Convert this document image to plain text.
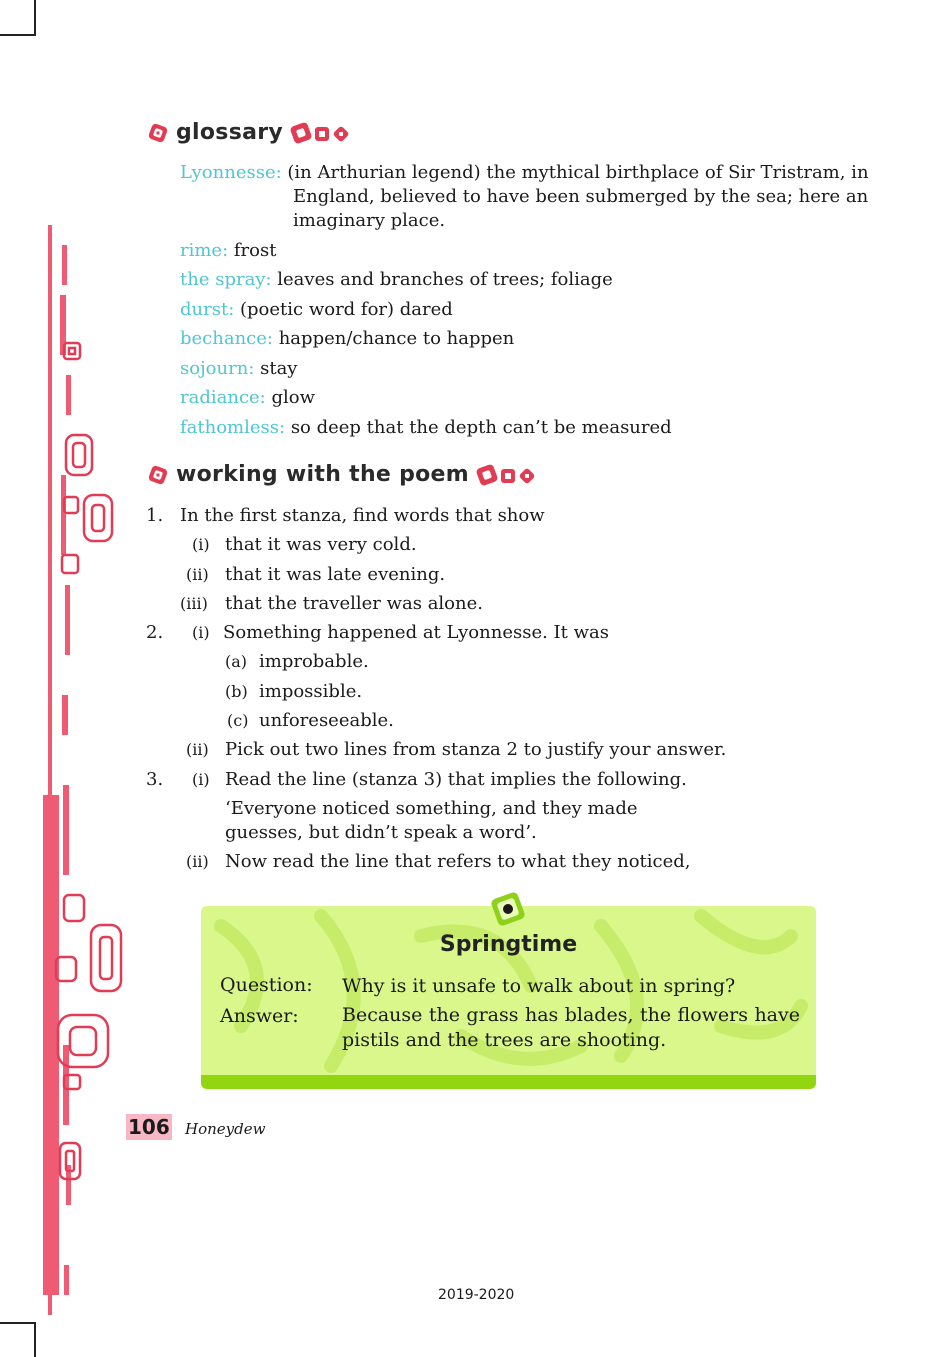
glossary
Lyonnesse: (in Arthurian legend) the mythical birthplace of Sir Tristram, in England, believed to have been submerged by the sea; here an imaginary place.
rime: frost
the spray: leaves and branches of trees; foliage
durst: (poetic word for) dared
bechance: happen/chance to happen
sojourn: stay
radiance: glow
fathomless: so deep that the depth can’t be measured
working with the poem
1. In the first stanza, find words that show
(i) that it was very cold.
(ii) that it was late evening.
(iii) that the traveller was alone.
2.	(i) Something happened at Lyonnesse. It was
(a) improbable.
(b) impossible.
(c) unforeseeable.
(ii) Pick out two lines from stanza 2 to justify your answer.
3.	(i) Read the line (stanza 3) that implies the following.
‘Everyone noticed something, and they made guesses, but didn’t speak a word’.
(ii) Now read the line that refers to what they noticed,
Springtime
Question: Why is it unsafe to walk about in spring?
Answer: Because the grass has blades, the flowers have pistils and the trees are shooting.
106 Honeydew
2019-2020
